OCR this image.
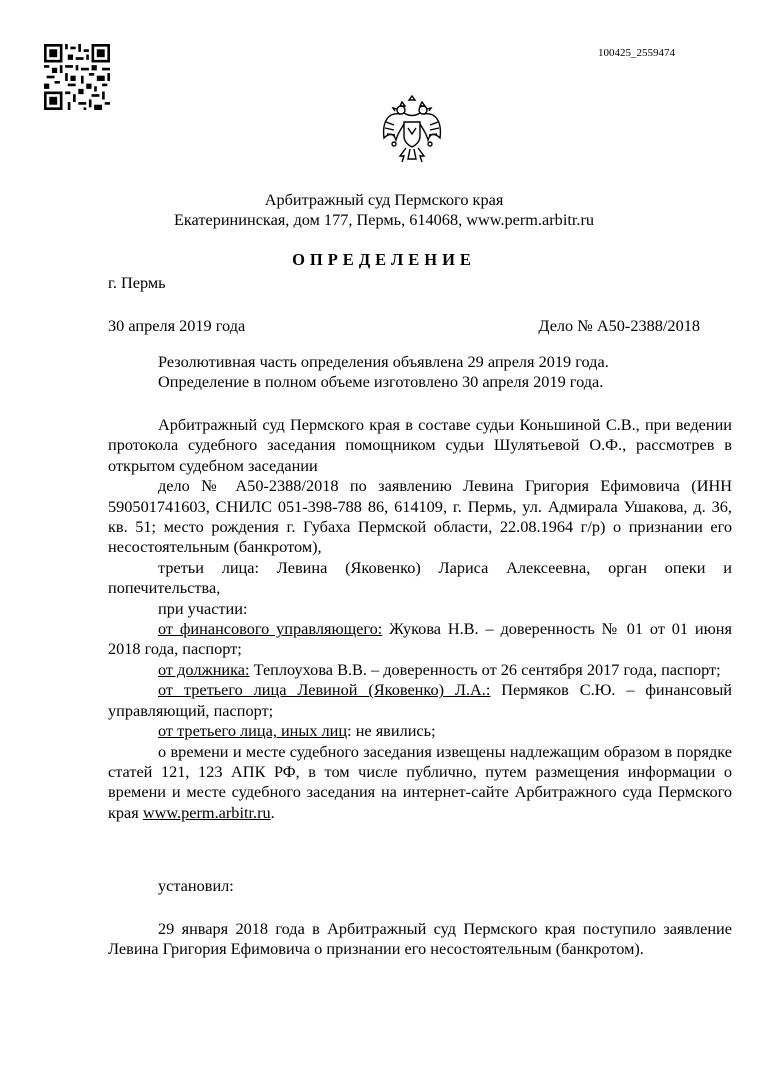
100425_2559474
Арбитражный суд Пермского края
Екатерининская, дом 177, Пермь, 614068, www.perm.arbitr.ru
ОПРЕДЕЛЕНИЕ
г. Пермь
30 апреля 2019 года	Дело № А50-2388/2018

Резолютивная часть определения объявлена 29 апреля 2019 года.

Определение в полном объеме изготовлено 30 апреля 2019 года.

Арбитражный суд Пермского края в составе судьи Коньшиной С.В., при ведении протокола судебного заседания помощником судьи Шулятьевой О.Ф., рассмотрев в открытом судебном заседании

дело № А50-2388/2018 по заявлению Левина Григория Ефимовича (ИНН 590501741603, СНИЛС 051-398-788 86, 614109, г. Пермь, ул. Адмирала Ушакова, д. 36, кв. 51; место рождения г. Губаха Пермской области, 22.08.1964 г/р) о признании его несостоятельным (банкротом),

третьи лица: Левина (Яковенко) Лариса Алексеевна, орган опеки и попечительства,

при участии:

от финансового управляющего: Жукова Н.В. – доверенность № 01 от 01 июня 2018 года, паспорт;

от должника: Теплоухова В.В. – доверенность от 26 сентября 2017 года, паспорт;

от третьего лица Левиной (Яковенко) Л.А.: Пермяков С.Ю. – финансовый управляющий, паспорт;

от третьего лица, иных лиц: не явились;

о времени и месте судебного заседания извещены надлежащим образом в порядке статей 121, 123 АПК РФ, в том числе публично, путем размещения информации о времени и месте судебного заседания на интернет-сайте Арбитражного суда Пермского края www.perm.arbitr.ru.

установил:

29 января 2018 года в Арбитражный суд Пермского края поступило заявление Левина Григория Ефимовича о признании его несостоятельным (банкротом).
